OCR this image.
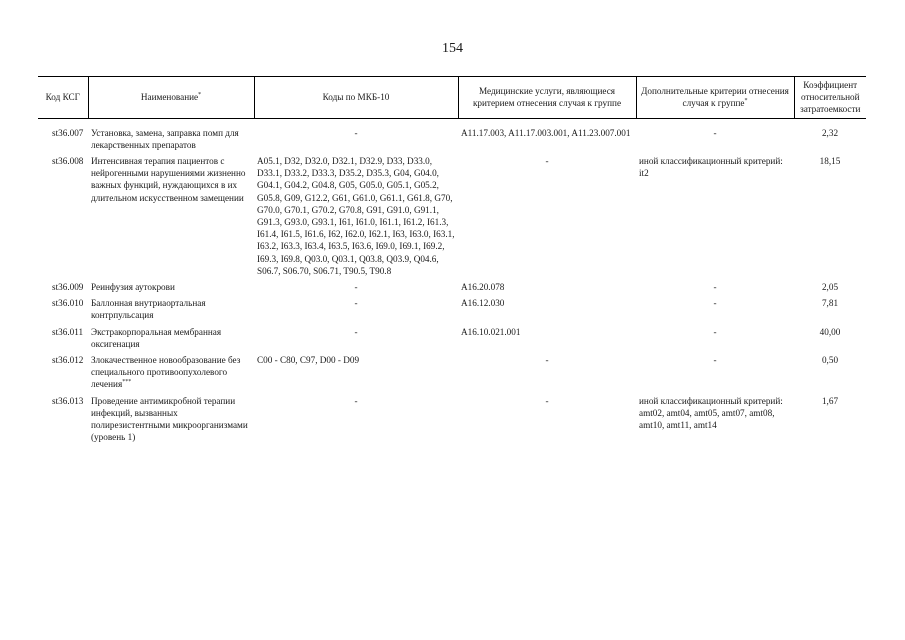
154
Код КСГ	Наименование*	Коды по МКБ-10	Медицинские услуги, являющиеся критерием отнесения случая к группе	Дополнительные критерии отнесения случая к группе*	Коэффициент относительной затратоемкости

st36.007	Установка, замена, заправка помп для лекарственных препаратов	-	A11.17.003, A11.17.003.001, A11.23.007.001	-	2,32
st36.008	Интенсивная терапия пациентов с нейрогенными нарушениями жизненно важных функций, нуждающихся в их длительном искусственном замещении	A05.1, D32, D32.0, D32.1, D32.9, D33, D33.0, D33.1, D33.2, D33.3, D35.2, D35.3, G04, G04.0, G04.1, G04.2, G04.8, G05, G05.0, G05.1, G05.2, G05.8, G09, G12.2, G61, G61.0, G61.1, G61.8, G70, G70.0, G70.1, G70.2, G70.8, G91, G91.0, G91.1, G91.3, G93.0, G93.1, I61, I61.0, I61.1, I61.2, I61.3, I61.4, I61.5, I61.6, I62, I62.0, I62.1, I63, I63.0, I63.1, I63.2, I63.3, I63.4, I63.5, I63.6, I69.0, I69.1, I69.2, I69.3, I69.8, Q03.0, Q03.1, Q03.8, Q03.9, Q04.6, S06.7, S06.70, S06.71, T90.5, T90.8	-	иной классификационный критерий: it2	18,15
st36.009	Реинфузия аутокрови	-	A16.20.078	-	2,05
st36.010	Баллонная внутриаортальная контрпульсация	-	A16.12.030	-	7,81
st36.011	Экстракорпоральная мембранная оксигенация	-	A16.10.021.001	-	40,00
st36.012	Злокачественное новообразование без специального противоопухолевого лечения***	C00 - C80, C97, D00 - D09	-	-	0,50
st36.013	Проведение антимикробной терапии инфекций, вызванных полирезистентными микроорганизмами (уровень 1)	-	-	иной классификационный критерий: amt02, amt04, amt05, amt07, amt08, amt10, amt11, amt14	1,67
